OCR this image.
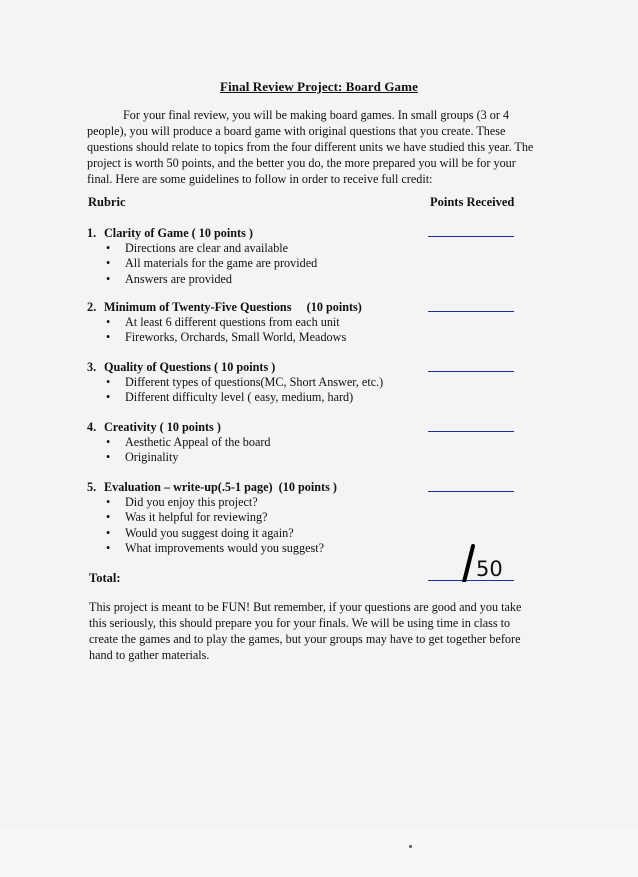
Final Review Project: Board Game

For your final review, you will be making board games. In small groups (3 or 4 people), you will produce a board game with original questions that you create. These questions should relate to topics from the four different units we have studied this year. The project is worth 50 points, and the better you do, the more prepared you will be for your final. Here are some guidelines to follow in order to receive full credit:

Rubric	Points Received
1. Clarity of Game ( 10 points )
• Directions are clear and available
• All materials for the game are provided
• Answers are provided
2. Minimum of Twenty-Five Questions     (10 points)
• At least 6 different questions from each unit
• Fireworks, Orchards, Small World, Meadows
3. Quality of Questions ( 10 points )
• Different types of questions(MC, Short Answer, etc.)
• Different difficulty level ( easy, medium, hard)
4. Creativity ( 10 points )
• Aesthetic Appeal of the board
• Originality
5. Evaluation – write-up(.5-1 page)  (10 points )
• Did you enjoy this project?
• Was it helpful for reviewing?
• Would you suggest doing it again?
• What improvements would you suggest?
Total:	50

This project is meant to be FUN! But remember, if your questions are good and you take this seriously, this should prepare you for your finals. We will be using time in class to create the games and to play the games, but your groups may have to get together before hand to gather materials.
